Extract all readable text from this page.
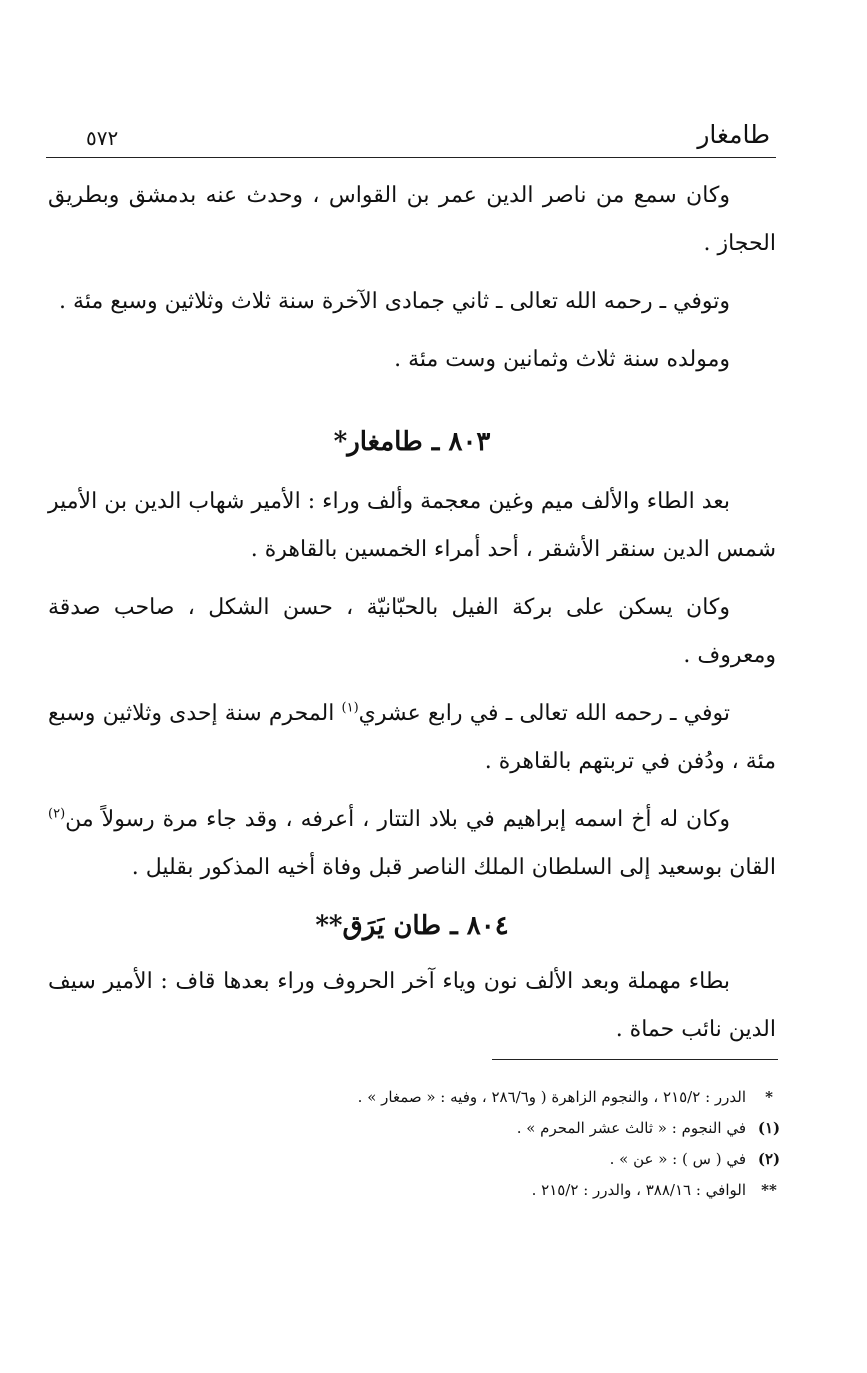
طامغار
٥٧٢

وكان سمع من ناصر الدين عمر بن القواس ، وحدث عنه بدمشق وبطريق الحجاز .

وتوفي ـ رحمه الله تعالى ـ ثاني جمادى الآخرة سنة ثلاث وثلاثين وسبع مئة .

ومولده سنة ثلاث وثمانين وست مئة .

٨٠٣ ـ طامغار*

بعد الطاء والألف ميم وغين معجمة وألف وراء : الأمير شهاب الدين بن الأمير شمس الدين سنقر الأشقر ، أحد أمراء الخمسين بالقاهرة .

وكان يسكن على بركة الفيل بالحبّانيّة ، حسن الشكل ، صاحب صدقة ومعروف .

توفي ـ رحمه الله تعالى ـ في رابع عشري$^{(١)}$ المحرم سنة إحدى وثلاثين وسبع مئة ، ودُفن في تربتهم بالقاهرة .

وكان له أخ اسمه إبراهيم في بلاد التتار ، أعرفه ، وقد جاء مرة رسولاً من$^{(٢)}$ القان بوسعيد إلى السلطان الملك الناصر قبل وفاة أخيه المذكور بقليل .

٨٠٤ ـ طان يَرَق**

بطاء مهملة وبعد الألف نون وياء آخر الحروف وراء بعدها قاف : الأمير سيف الدين نائب حماة .

*
الدرر : ٢١٥/٢ ، والنجوم الزاهرة ( و٢٨٦/٦ ، وفيه : « صمغار » .
(١)
في النجوم : « ثالث عشر المحرم » .
(٢)
في ( س ) : « عن » .
**
الوافي : ٣٨٨/١٦ ، والدرر : ٢١٥/٢ .
